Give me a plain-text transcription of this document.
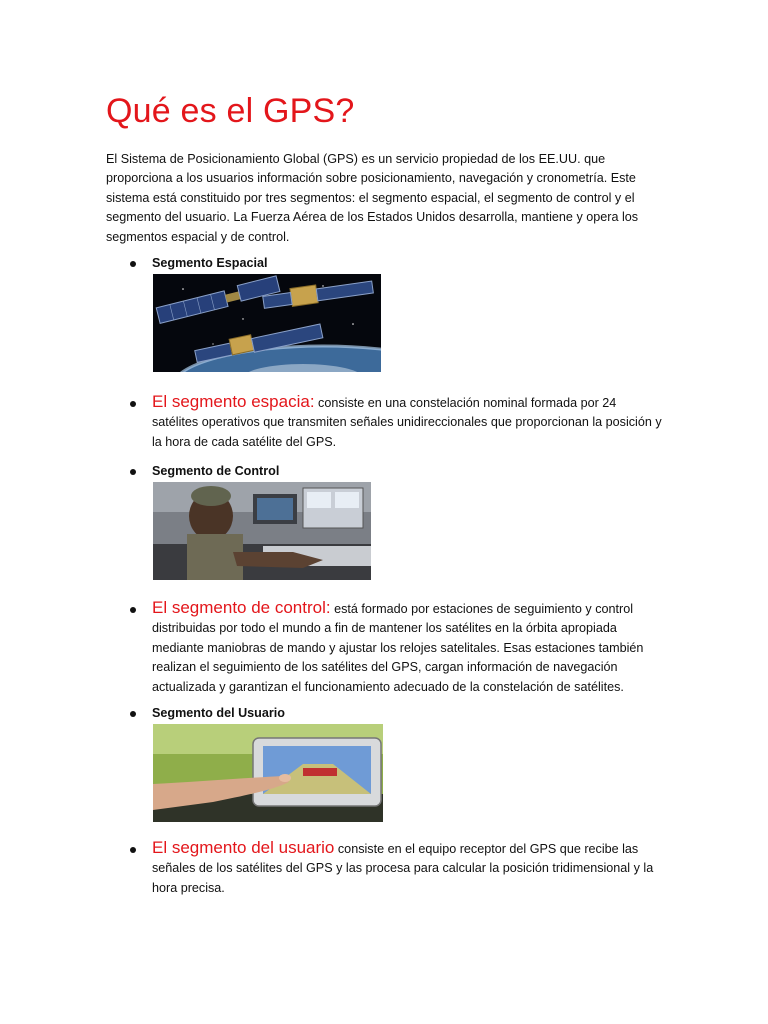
Qué es el GPS?

El Sistema de Posicionamiento Global (GPS) es un servicio propiedad de los EE.UU. que proporciona a los usuarios información sobre posicionamiento, navegación y cronometría. Este sistema está constituido por tres segmentos: el segmento espacial, el segmento de control y el segmento del usuario. La Fuerza Aérea de los Estados Unidos desarrolla, mantiene y opera los segmentos espacial y de control.

Segmento Espacial

El segmento espacia: consiste en una constelación nominal formada por 24 satélites operativos que transmiten señales unidireccionales que proporcionan la posición y la hora de cada satélite del GPS.

Segmento de Control

El segmento de control: está formado por estaciones de seguimiento y control distribuidas por todo el mundo a fin de mantener los satélites en la órbita apropiada mediante maniobras de mando y ajustar los relojes satelitales. Esas estaciones también realizan el seguimiento de los satélites del GPS, cargan información de navegación actualizada y garantizan el funcionamiento adecuado de la constelación de satélites.

Segmento del Usuario

El segmento del usuario consiste en el equipo receptor del GPS que recibe las señales de los satélites del GPS y las procesa para calcular la posición tridimensional y la hora precisa.
